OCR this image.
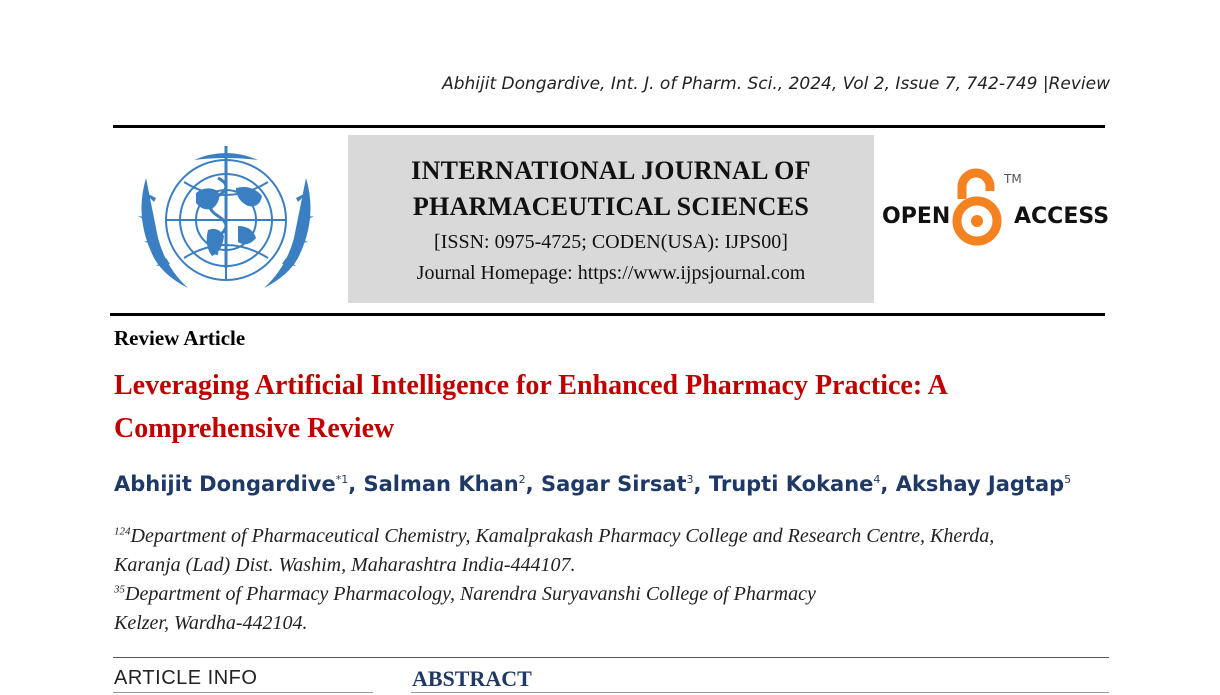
Abhijit Dongardive, Int. J. of Pharm. Sci., 2024, Vol 2, Issue 7, 742-749 |Review
INTERNATIONAL JOURNAL OF
PHARMACEUTICAL SCIENCES
[ISSN: 0975-4725; CODEN(USA): IJPS00]
Journal Homepage: https://www.ijpsjournal.com
OPEN	ACCESS
TM
Review Article
Leveraging Artificial Intelligence for Enhanced Pharmacy Practice: A Comprehensive Review
Abhijit Dongardive$^{*1}$, Salman Khan$^2$, Sagar Sirsat$^3$, Trupti Kokane$^4$, Akshay Jagtap$^5$
$^{124}$Department of Pharmaceutical Chemistry, Kamalprakash Pharmacy College and Research Centre, Kherda,
Karanja (Lad) Dist. Washim, Maharashtra India-444107.
$^{35}$Department of Pharmacy Pharmacology, Narendra Suryavanshi College of Pharmacy
Kelzer, Wardha-442104.
ARTICLE INFO	ABSTRACT
